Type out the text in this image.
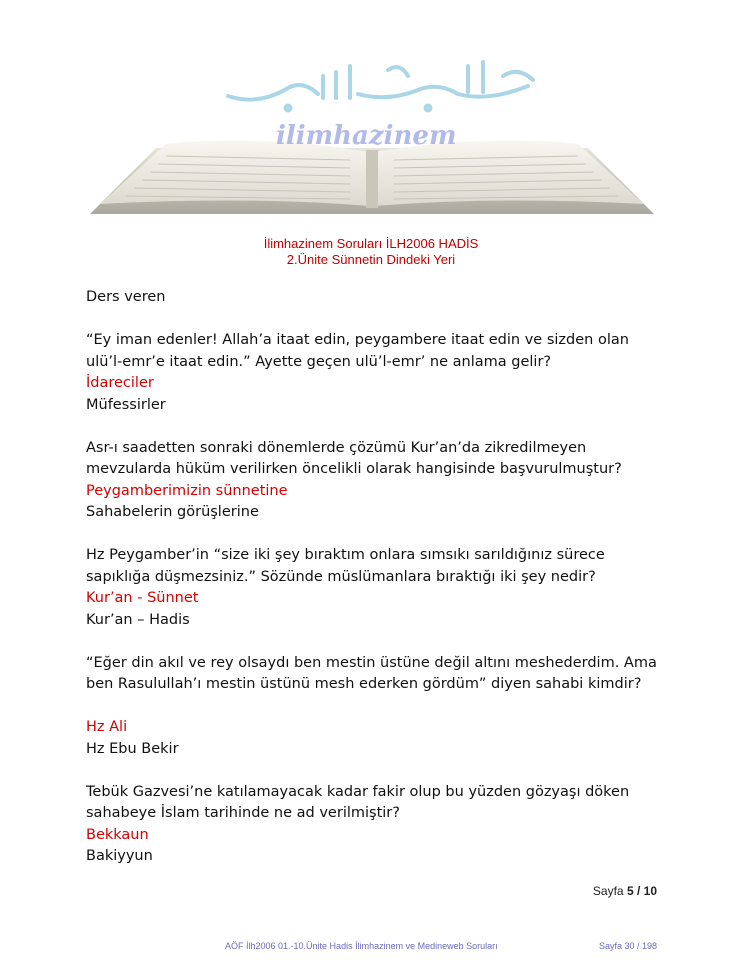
ilimhazinem
İlimhazinem Soruları İLH2006 HADİS
2.Ünite Sünnetin Dindeki Yeri

Ders veren

“Ey iman edenler! Allah’a itaat edin, peygambere itaat edin ve sizden olan

ulü’l-emr’e itaat edin.” Ayette geçen ulü’l-emr’ ne anlama gelir?

İdareciler

Müfessirler

Asr-ı saadetten sonraki dönemlerde çözümü Kur’an’da zikredilmeyen

mevzularda hüküm verilirken öncelikli olarak hangisinde başvurulmuştur?

Peygamberimizin sünnetine

Sahabelerin görüşlerine

Hz Peygamber’in “size iki şey bıraktım onlara sımsıkı sarıldığınız sürece

sapıklığa düşmezsiniz.” Sözünde müslümanlara bıraktığı iki şey nedir?

Kur’an - Sünnet

Kur’an – Hadis

“Eğer din akıl ve rey olsaydı ben mestin üstüne değil altını meshederdim. Ama

ben Rasulullah’ı mestin üstünü mesh ederken gördüm” diyen sahabi kimdir?

Hz Ali

Hz Ebu Bekir

Tebük Gazvesi’ne katılamayacak kadar fakir olup bu yüzden gözyaşı döken

sahabeye İslam tarihinde ne ad verilmiştir?

Bekkaun

Bakiyyun

Sayfa 5 / 10
AÖF İlh2006 01.-10.Ünite Hadis İlimhazinem ve Medineweb Soruları	Sayfa 30 / 198
